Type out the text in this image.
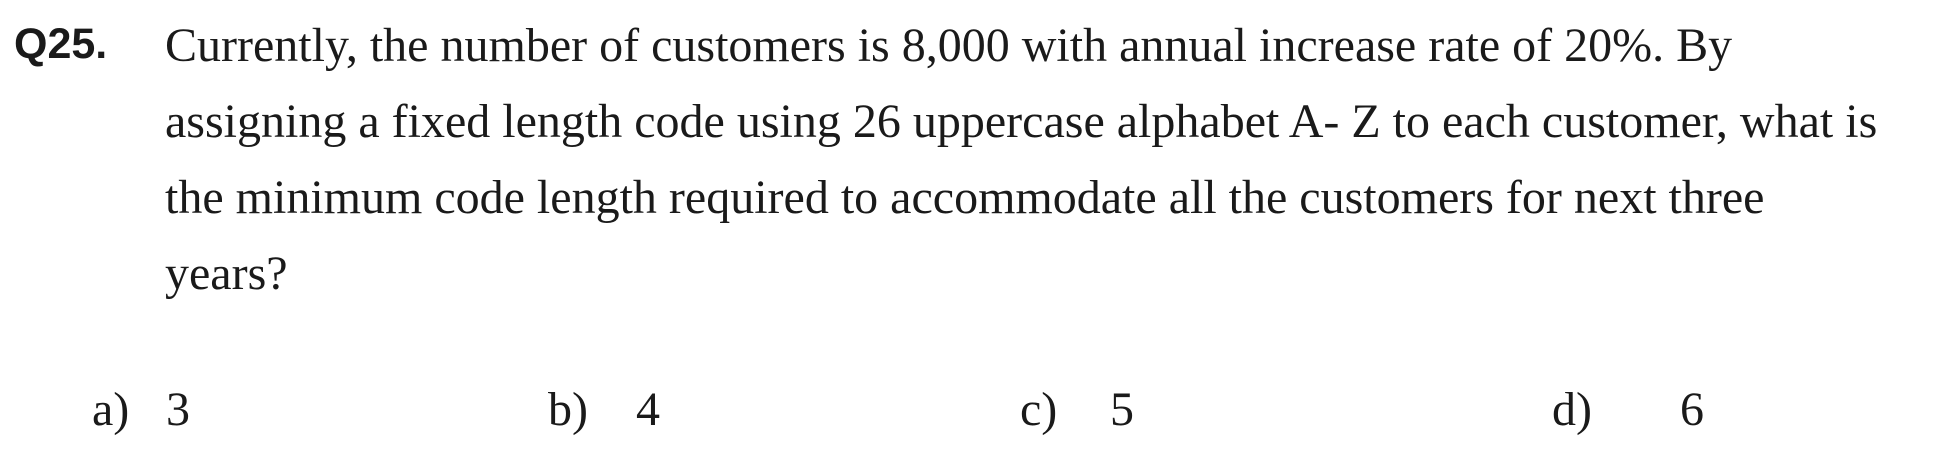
Q25. Currently, the number of customers is 8,000 with annual increase rate of 20%. By
assigning a fixed length code using 26 uppercase alphabet A- Z to each customer, what is
the minimum code length required to accommodate all the customers for next three
years?
a) 3	b) 4	c) 5	d) 6
